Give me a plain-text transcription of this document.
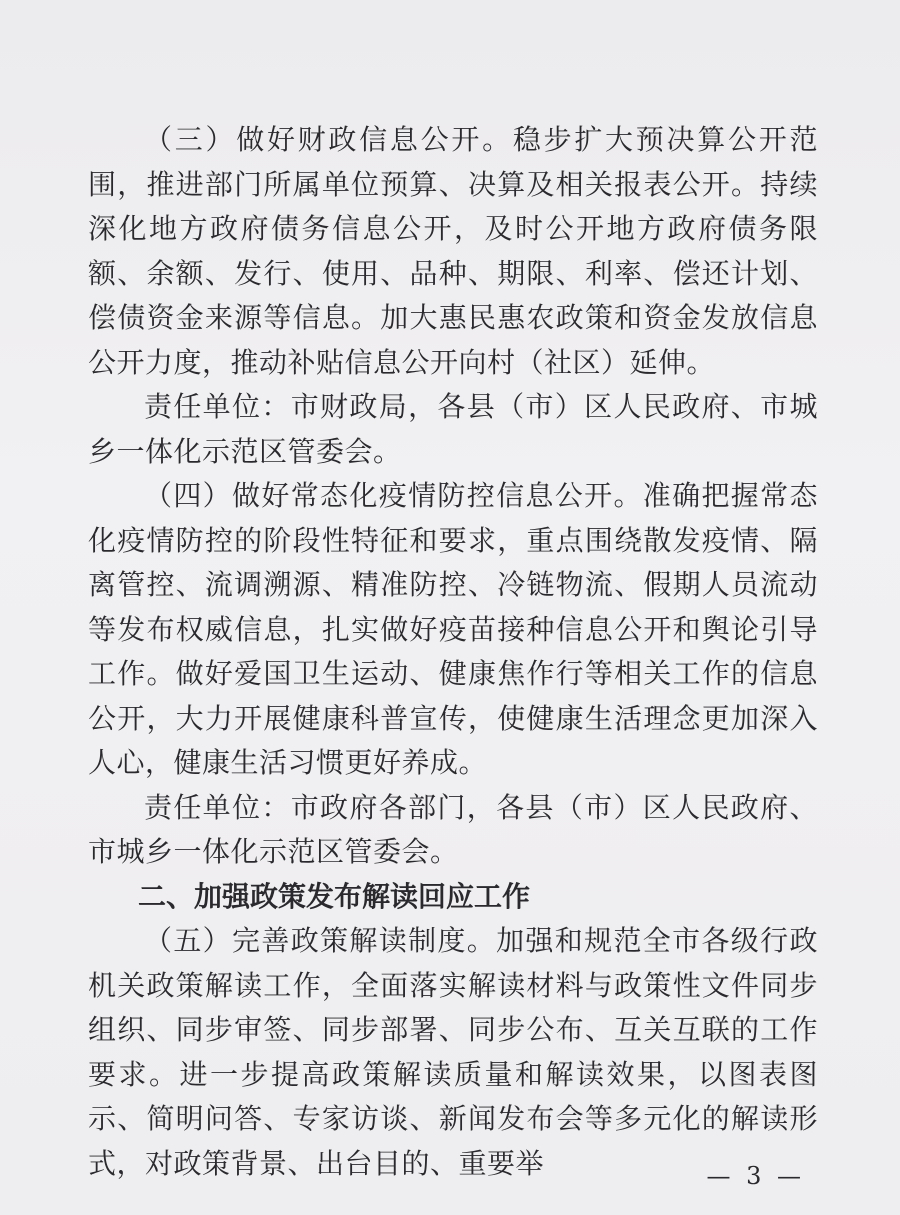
（三）做好财政信息公开。稳步扩大预决算公开范围，推进部门所属单位预算、决算及相关报表公开。持续深化地方政府债务信息公开，及时公开地方政府债务限额、余额、发行、使用、品种、期限、利率、偿还计划、偿债资金来源等信息。加大惠民惠农政策和资金发放信息公开力度，推动补贴信息公开向村（社区）延伸。

责任单位：市财政局，各县（市）区人民政府、市城乡一体化示范区管委会。

（四）做好常态化疫情防控信息公开。准确把握常态化疫情防控的阶段性特征和要求，重点围绕散发疫情、隔离管控、流调溯源、精准防控、冷链物流、假期人员流动等发布权威信息，扎实做好疫苗接种信息公开和舆论引导工作。做好爱国卫生运动、健康焦作行等相关工作的信息公开，大力开展健康科普宣传，使健康生活理念更加深入人心，健康生活习惯更好养成。

责任单位：市政府各部门，各县（市）区人民政府、市城乡一体化示范区管委会。

二、加强政策发布解读回应工作

（五）完善政策解读制度。加强和规范全市各级行政机关政策解读工作，全面落实解读材料与政策性文件同步组织、同步审签、同步部署、同步公布、互关互联的工作要求。进一步提高政策解读质量和解读效果，以图表图示、简明问答、专家访谈、新闻发布会等多元化的解读形式，对政策背景、出台目的、重要举	— 3 —
